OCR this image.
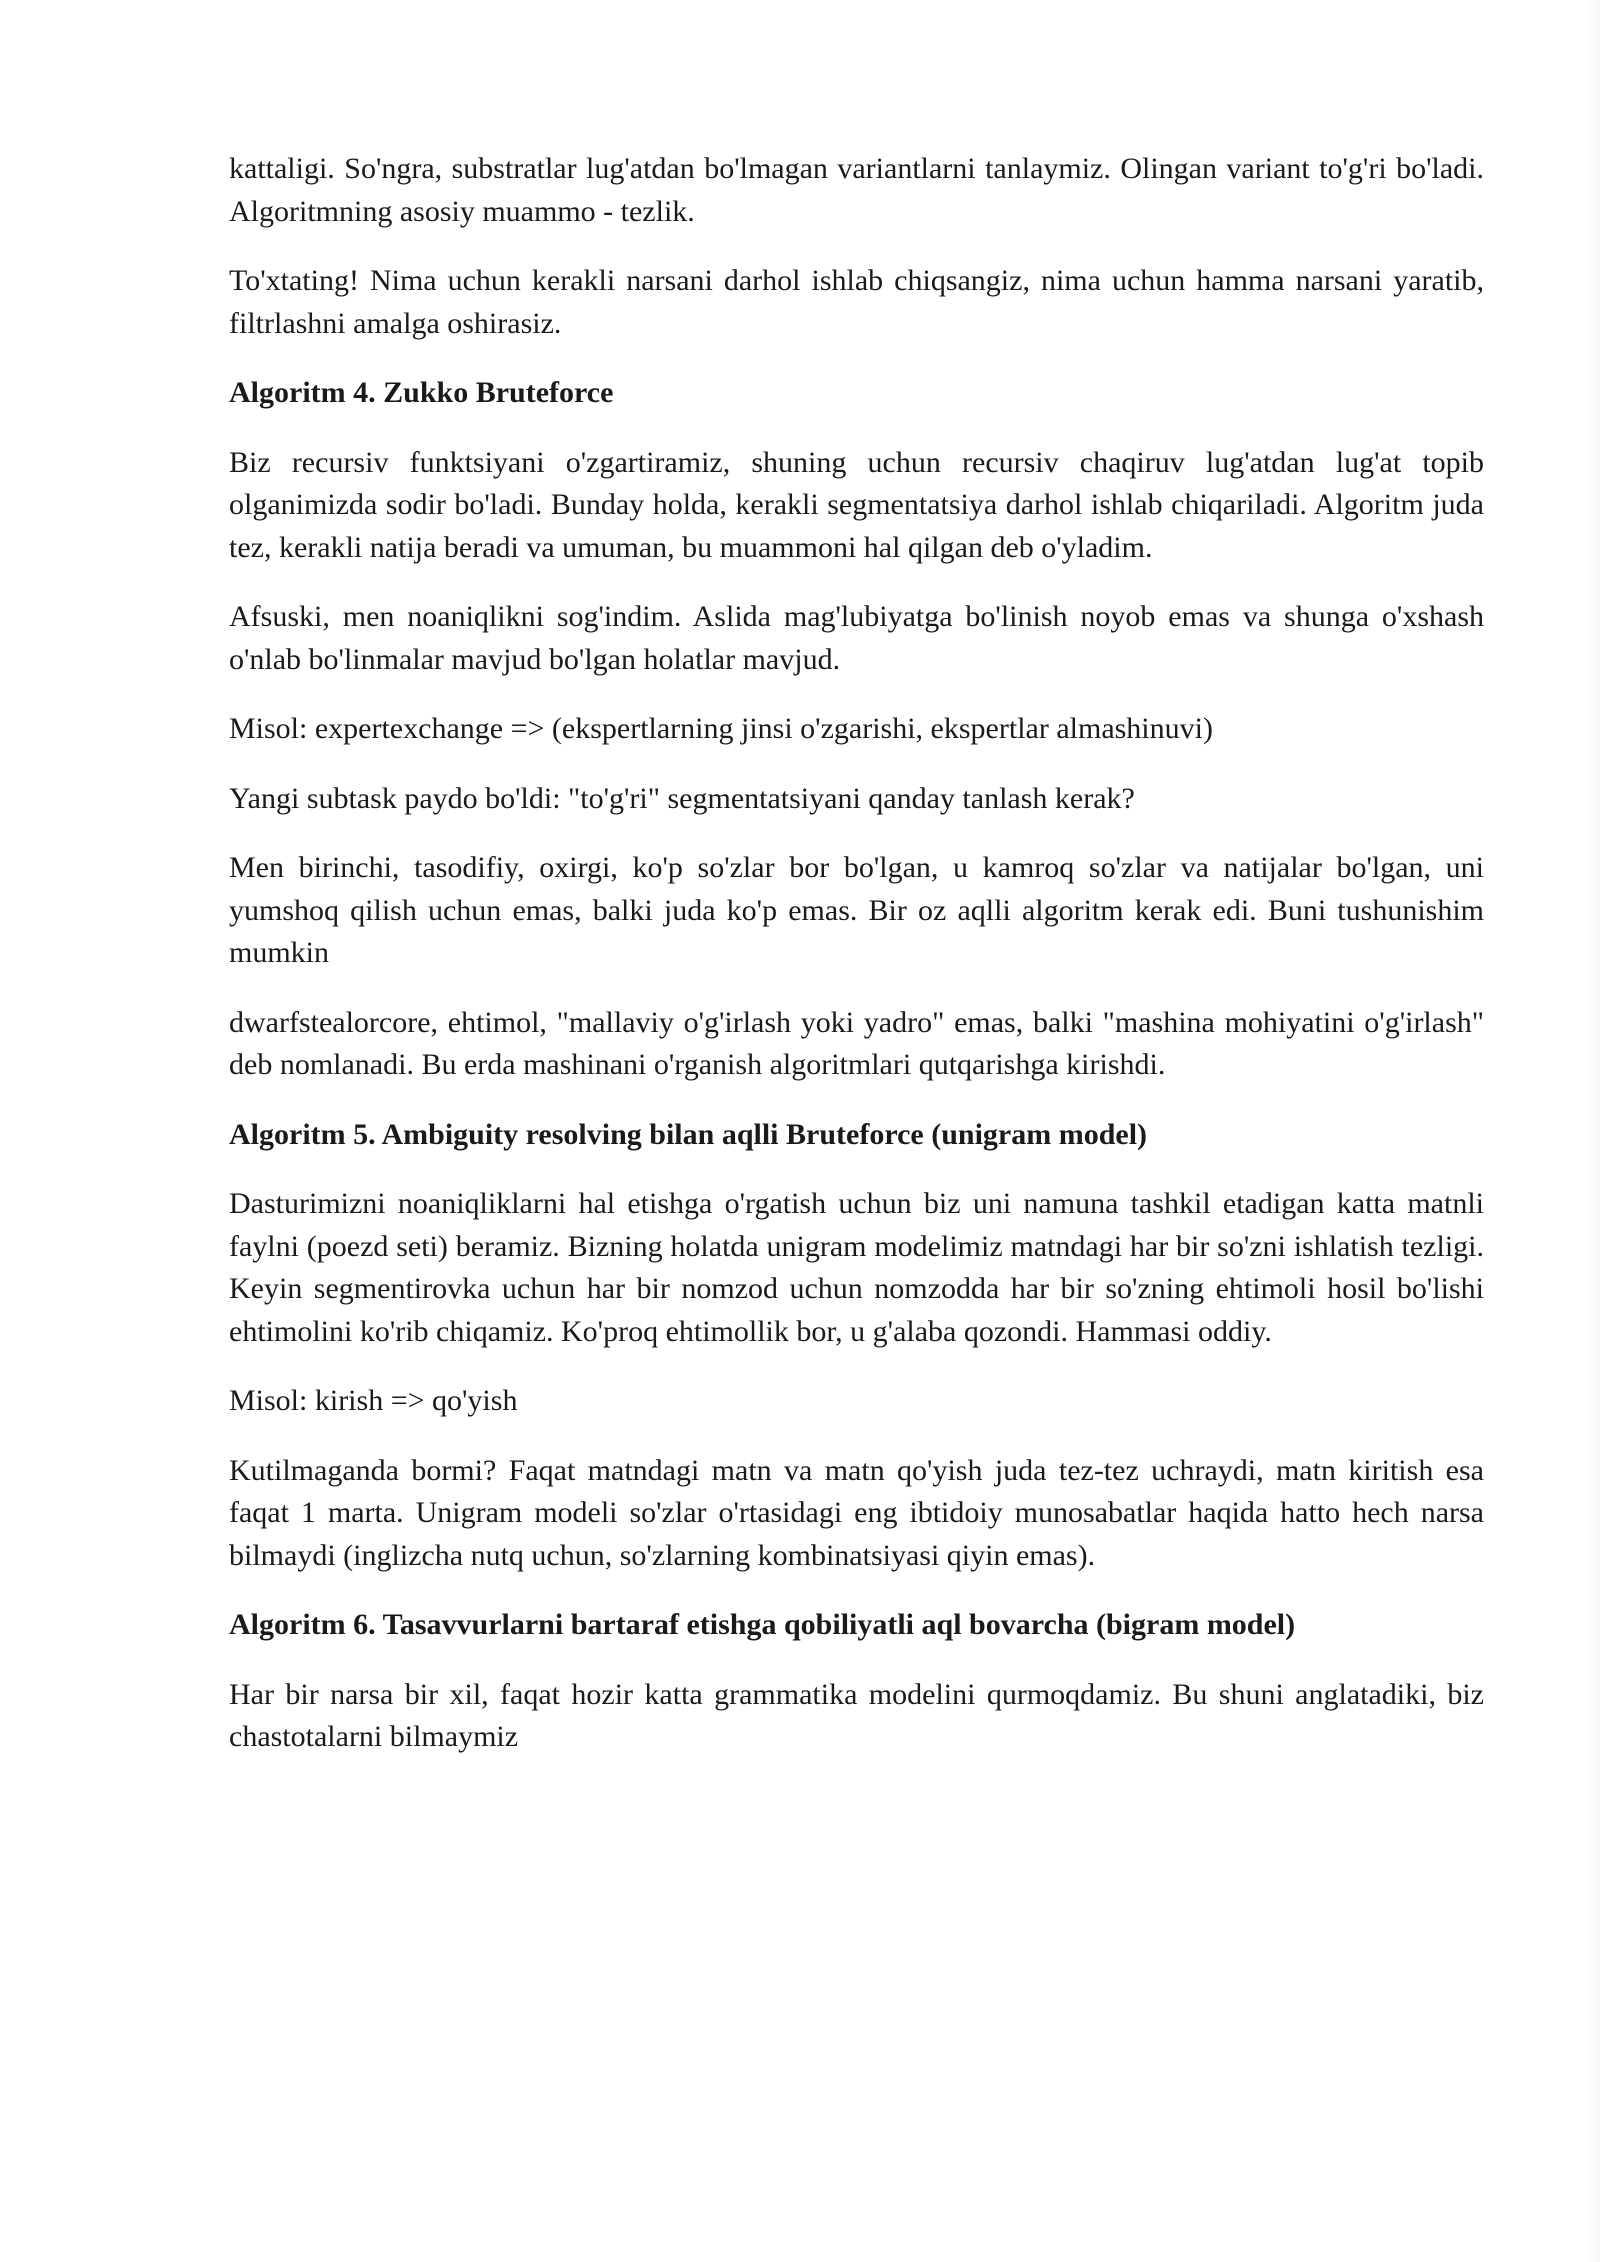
kattaligi. So'ngra, substratlar lug'atdan bo'lmagan variantlarni tanlaymiz. Olingan variant to'g'ri bo'ladi. Algoritmning asosiy muammo - tezlik.

To'xtating! Nima uchun kerakli narsani darhol ishlab chiqsangiz, nima uchun hamma narsani yaratib, filtrlashni amalga oshirasiz.

Algoritm 4. Zukko Bruteforce

Biz recursiv funktsiyani o'zgartiramiz, shuning uchun recursiv chaqiruv lug'atdan lug'at topib olganimizda sodir bo'ladi. Bunday holda, kerakli segmentatsiya darhol ishlab chiqariladi. Algoritm juda tez, kerakli natija beradi va umuman, bu muammoni hal qilgan deb o'yladim.

Afsuski, men noaniqlikni sog'indim. Aslida mag'lubiyatga bo'linish noyob emas va shunga o'xshash o'nlab bo'linmalar mavjud bo'lgan holatlar mavjud.

Misol: expertexchange => (ekspertlarning jinsi o'zgarishi, ekspertlar almashinuvi)

Yangi subtask paydo bo'ldi: "to'g'ri" segmentatsiyani qanday tanlash kerak?

Men birinchi, tasodifiy, oxirgi, ko'p so'zlar bor bo'lgan, u kamroq so'zlar va natijalar bo'lgan, uni yumshoq qilish uchun emas, balki juda ko'p emas. Bir oz aqlli algoritm kerak edi. Buni tushunishim mumkin

dwarfstealorcore, ehtimol, "mallaviy o'g'irlash yoki yadro" emas, balki "mashina mohiyatini o'g'irlash" deb nomlanadi. Bu erda mashinani o'rganish algoritmlari qutqarishga kirishdi.

Algoritm 5. Ambiguity resolving bilan aqlli Bruteforce (unigram model)

Dasturimizni noaniqliklarni hal etishga o'rgatish uchun biz uni namuna tashkil etadigan katta matnli faylni (poezd seti) beramiz. Bizning holatda unigram modelimiz matndagi har bir so'zni ishlatish tezligi. Keyin segmentirovka uchun har bir nomzod uchun nomzodda har bir so'zning ehtimoli hosil bo'lishi ehtimolini ko'rib chiqamiz. Ko'proq ehtimollik bor, u g'alaba qozondi. Hammasi oddiy.

Misol: kirish => qo'yish

Kutilmaganda bormi? Faqat matndagi matn va matn qo'yish juda tez-tez uchraydi, matn kiritish esa faqat 1 marta. Unigram modeli so'zlar o'rtasidagi eng ibtidoiy munosabatlar haqida hatto hech narsa bilmaydi (inglizcha nutq uchun, so'zlarning kombinatsiyasi qiyin emas).

Algoritm 6. Tasavvurlarni bartaraf etishga qobiliyatli aql bovarcha (bigram model)

Har bir narsa bir xil, faqat hozir katta grammatika modelini qurmoqdamiz. Bu shuni anglatadiki, biz chastotalarni bilmaymiz
